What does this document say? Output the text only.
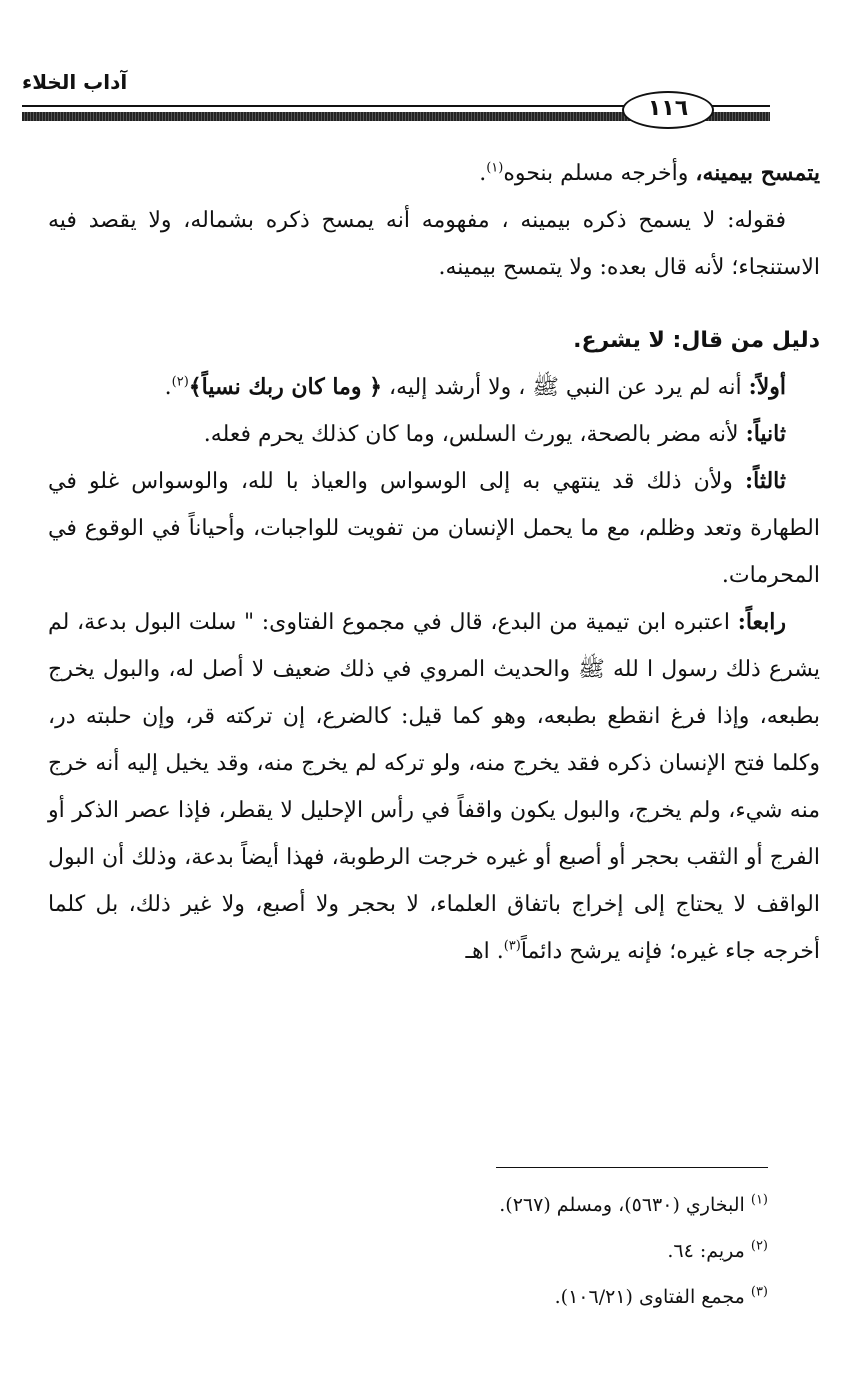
آداب الخلاء
١١٦

يتمسح بيمينه، وأخرجه مسلم بنحوه$^{(١)}$.

فقوله: لا يسمح ذكره بيمينه ، مفهومه أنه يمسح ذكره بشماله، ولا يقصد فيه الاستنجاء؛ لأنه قال بعده: ولا يتمسح بيمينه.

دليل من قال: لا يشرع.

أولاً: أنه لم يرد عن النبي ﷺ ، ولا أرشد إليه، ﴿ وما كان ربك نسياً﴾$^{(٢)}$.

ثانياً: لأنه مضر بالصحة، يورث السلس، وما كان كذلك يحرم فعله.

ثالثاً: ولأن ذلك قد ينتهي به إلى الوسواس والعياذ با لله، والوسواس غلو في الطهارة وتعد وظلم، مع ما يحمل الإنسان من تفويت للواجبات، وأحياناً في الوقوع في المحرمات.

رابعاً: اعتبره ابن تيمية من البدع، قال في مجموع الفتاوى: " سلت البول بدعة، لم يشرع ذلك رسول ا لله ﷺ والحديث المروي في ذلك ضعيف لا أصل له، والبول يخرج بطبعه، وإذا فرغ انقطع بطبعه، وهو كما قيل: كالضرع، إن تركته قر، وإن حلبته در، وكلما فتح الإنسان ذكره فقد يخرج منه، ولو تركه لم يخرج منه، وقد يخيل إليه أنه خرج منه شيء، ولم يخرج، والبول يكون واقفاً في رأس الإحليل لا يقطر، فإذا عصر الذكر أو الفرج أو الثقب بحجر أو أصبع أو غيره خرجت الرطوبة، فهذا أيضاً بدعة، وذلك أن البول الواقف لا يحتاج إلى إخراج باتفاق العلماء، لا بحجر ولا أصبع، ولا غير ذلك، بل كلما أخرجه جاء غيره؛ فإنه يرشح دائماً$^{(٣)}$. اهـ

$^{(١)}$ البخاري (٥٦٣٠)، ومسلم (٢٦٧).

$^{(٢)}$ مريم: ٦٤.

$^{(٣)}$ مجمع الفتاوى (١٠٦/٢١).
